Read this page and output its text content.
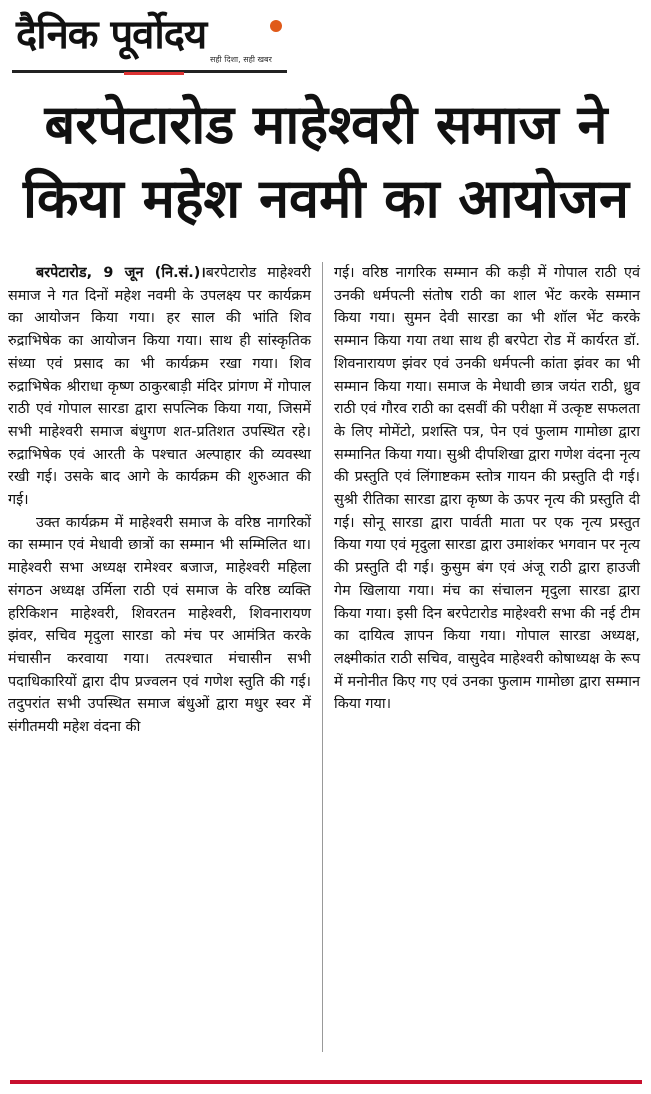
दैनिक पूर्वोदय
सही दिशा, सही खबर
बरपेटारोड माहेश्वरी समाज ने
किया महेश नवमी का आयोजन

बरपेटारोड, 9 जून (नि.सं.)।बरपेटारोड माहेश्वरी समाज ने गत दिनों महेश नवमी के उपलक्ष्य पर कार्यक्रम का आयोजन किया गया। हर साल की भांति शिव रुद्राभिषेक का आयोजन किया गया। साथ ही सांस्कृतिक संध्या एवं प्रसाद का भी कार्यक्रम रखा गया। शिव रुद्राभिषेक श्रीराधा कृष्ण ठाकुरबाड़ी मंदिर प्रांगण में गोपाल राठी एवं गोपाल सारडा द्वारा सपत्निक किया गया, जिसमें सभी माहेश्वरी समाज बंधुगण शत-प्रतिशत उपस्थित रहे। रुद्राभिषेक एवं आरती के पश्चात अल्पाहार की व्यवस्था रखी गई। उसके बाद आगे के कार्यक्रम की शुरुआत की गई।

उक्त कार्यक्रम में माहेश्वरी समाज के वरिष्ठ नागरिकों का सम्मान एवं मेधावी छात्रों का सम्मान भी सम्मिलित था। माहेश्वरी सभा अध्यक्ष रामेश्वर बजाज, माहेश्वरी महिला संगठन अध्यक्ष उर्मिला राठी एवं समाज के वरिष्ठ व्यक्ति हरिकिशन माहेश्वरी, शिवरतन माहेश्वरी, शिवनारायण झंवर, सचिव मृदुला सारडा को मंच पर आमंत्रित करके मंचासीन करवाया गया। तत्पश्चात मंचासीन सभी पदाधिकारियों द्वारा दीप प्रज्वलन एवं गणेश स्तुति की गई। तदुपरांत सभी उपस्थित समाज बंधुओं द्वारा मधुर स्वर में संगीतमयी महेश वंदना की

गई। वरिष्ठ नागरिक सम्मान की कड़ी में गोपाल राठी एवं उनकी धर्मपत्नी संतोष राठी का शाल भेंट करके सम्मान किया गया। सुमन देवी सारडा का भी शॉल भेंट करके सम्मान किया गया तथा साथ ही बरपेटा रोड में कार्यरत डॉ. शिवनारायण झंवर एवं उनकी धर्मपत्नी कांता झंवर का भी सम्मान किया गया। समाज के मेधावी छात्र जयंत राठी, ध्रुव राठी एवं गौरव राठी का दसवीं की परीक्षा में उत्कृष्ट सफलता के लिए मोमेंटो, प्रशस्ति पत्र, पेन एवं फुलाम गामोछा द्वारा सम्मानित किया गया। सुश्री दीपशिखा द्वारा गणेश वंदना नृत्य की प्रस्तुति एवं लिंगाष्टकम स्तोत्र गायन की प्रस्तुति दी गई। सुश्री रीतिका सारडा द्वारा कृष्ण के ऊपर नृत्य की प्रस्तुति दी गई। सोनू सारडा द्वारा पार्वती माता पर एक नृत्य प्रस्तुत किया गया एवं मृदुला सारडा द्वारा उमाशंकर भगवान पर नृत्य की प्रस्तुति दी गई। कुसुम बंग एवं अंजू राठी द्वारा हाउजी गेम खिलाया गया। मंच का संचालन मृदुला सारडा द्वारा किया गया। इसी दिन बरपेटारोड माहेश्वरी सभा की नई टीम का दायित्व ज्ञापन किया गया। गोपाल सारडा अध्यक्ष, लक्ष्मीकांत राठी सचिव, वासुदेव माहेश्वरी कोषाध्यक्ष के रूप में मनोनीत किए गए एवं उनका फुलाम गामोछा द्वारा सम्मान किया गया।
